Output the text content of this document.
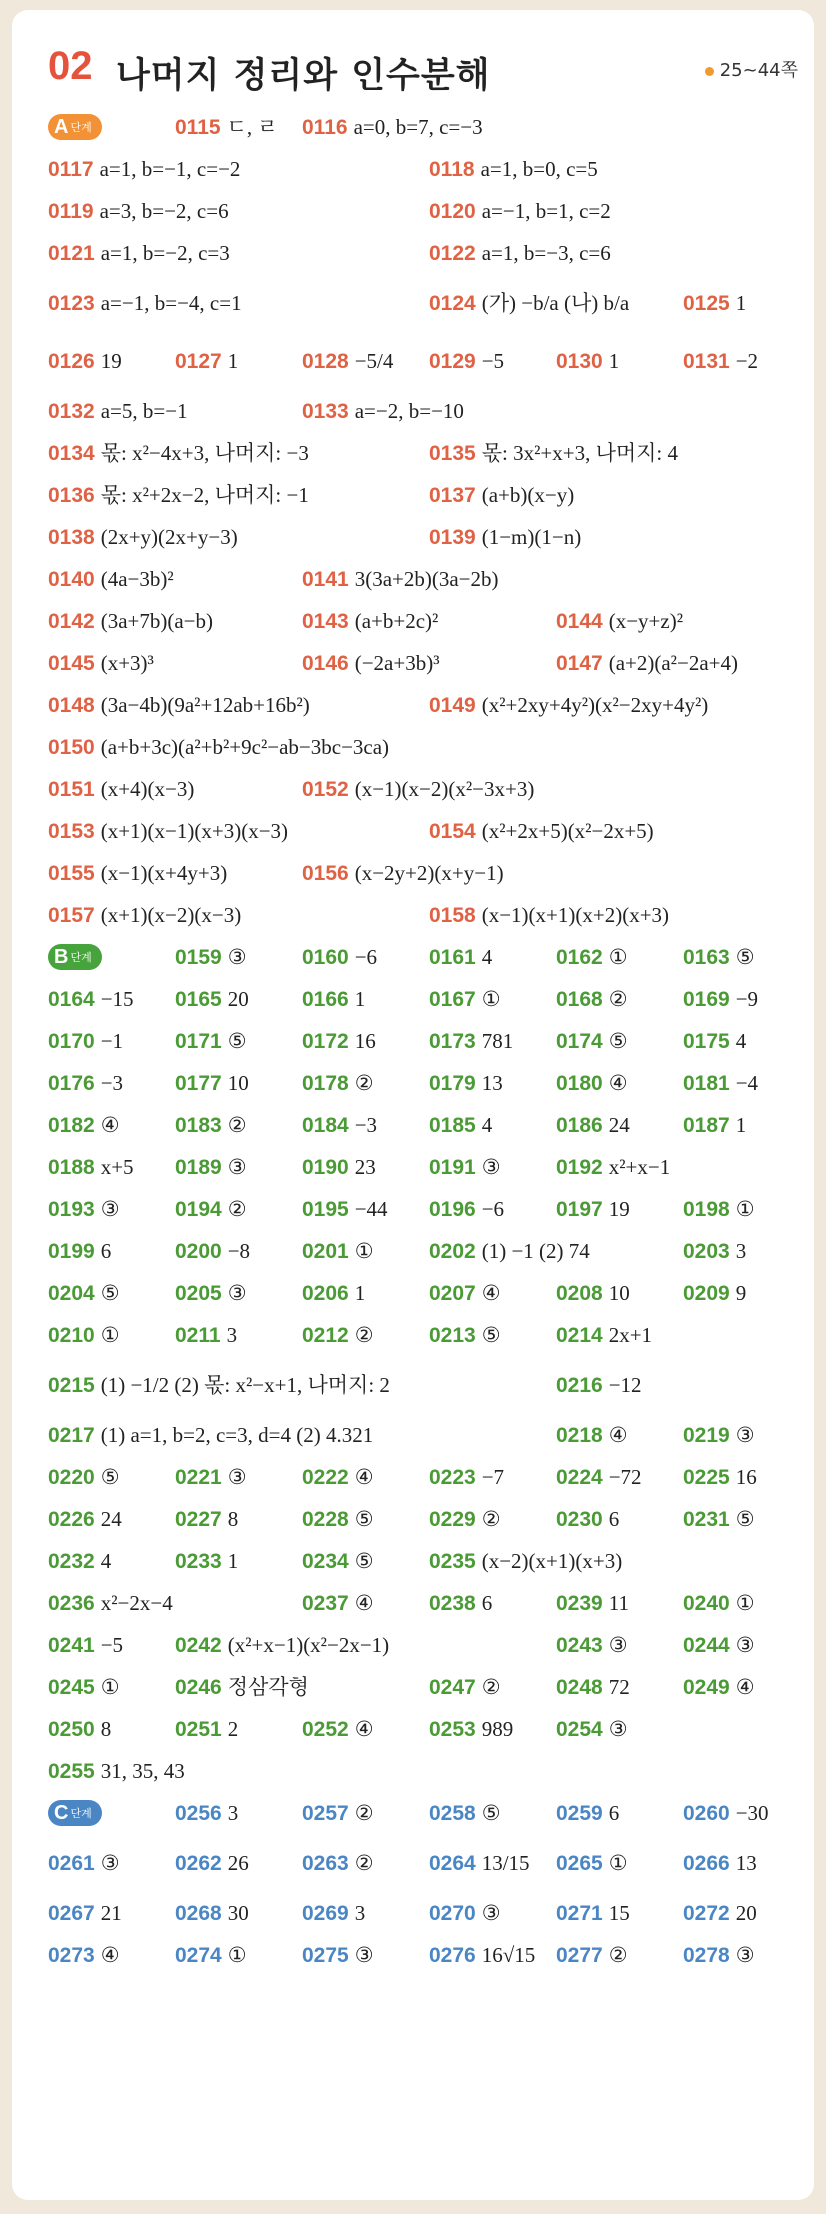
02 나머지 정리와 인수분해	25~44쪽
A단계	0115 ㄷ, ㄹ 0116 a=0, b=7, c=−3
0117 a=1, b=−1, c=−2	0118 a=1, b=0, c=5
0119 a=3, b=−2, c=6	0120 a=−1, b=1, c=2
0121 a=1, b=−2, c=3	0122 a=1, b=−3, c=6
0123 a=−1, b=−4, c=1	0124 (가) −b/a (나) b/a	0125 1
0126 19	0127 1	0128 −5/4 0129 −5 0130 1	0131 −2
0132 a=5, b=−1	0133 a=−2, b=−10
0134 몫: x²−4x+3, 나머지: −3	0135 몫: 3x²+x+3, 나머지: 4
0136 몫: x²+2x−2, 나머지: −1	0137 (a+b)(x−y)
0138 (2x+y)(2x+y−3)	0139 (1−m)(1−n)
0140 (4a−3b)²	0141 3(3a+2b)(3a−2b)
0142 (3a+7b)(a−b)	0143 (a+b+2c)²	0144 (x−y+z)²
0145 (x+3)³	0146 (−2a+3b)³	0147 (a+2)(a²−2a+4)
0148 (3a−4b)(9a²+12ab+16b²)	0149 (x²+2xy+4y²)(x²−2xy+4y²)
0150 (a+b+3c)(a²+b²+9c²−ab−3bc−3ca)
0151 (x+4)(x−3)	0152 (x−1)(x−2)(x²−3x+3)
0153 (x+1)(x−1)(x+3)(x−3)	0154 (x²+2x+5)(x²−2x+5)
0155 (x−1)(x+4y+3)	0156 (x−2y+2)(x+y−1)
0157 (x+1)(x−2)(x−3)	0158 (x−1)(x+1)(x+2)(x+3)
B단계	0159 ③	0160 −6 0161 4	0162 ①	0163 ⑤
0164 −15 0165 20	0166 1	0167 ①	0168 ②	0169 −9
0170 −1 0171 ⑤	0172 16	0173 781 0174 ⑤	0175 4
0176 −3 0177 10	0178 ②	0179 13	0180 ④	0181 −4
0182 ④	0183 ②	0184 −3 0185 4	0186 24	0187 1
0188 x+5 0189 ③	0190 23	0191 ③	0192 x²+x−1
0193 ③	0194 ②	0195 −44 0196 −6 0197 19	0198 ①
0199 6	0200 −8 0201 ①	0202 (1) −1 (2) 74	0203 3
0204 ⑤	0205 ③	0206 1	0207 ④	0208 10	0209 9
0210 ①	0211 3	0212 ②	0213 ⑤	0214 2x+1
0215 (1) −1/2 (2) 몫: x²−x+1, 나머지: 2	0216 −12
0217 (1) a=1, b=2, c=3, d=4 (2) 4.321	0218 ④	0219 ③
0220 ⑤	0221 ③	0222 ④	0223 −7 0224 −72 0225 16
0226 24	0227 8	0228 ⑤	0229 ②	0230 6	0231 ⑤
0232 4	0233 1	0234 ⑤	0235 (x−2)(x+1)(x+3)
0236 x²−2x−4	0237 ④	0238 6	0239 11	0240 ①
0241 −5 0242 (x²+x−1)(x²−2x−1)	0243 ③	0244 ③
0245 ①	0246 정삼각형	0247 ②	0248 72	0249 ④
0250 8	0251 2	0252 ④	0253 989 0254 ③
0255 31, 35, 43
C단계	0256 3	0257 ②	0258 ⑤	0259 6	0260 −30
0261 ③	0262 26	0263 ②	0264 13/15 0265 ①	0266 13
0267 21	0268 30	0269 3	0270 ③	0271 15	0272 20
0273 ④	0274 ①	0275 ③	0276 16√15 0277 ②	0278 ③
